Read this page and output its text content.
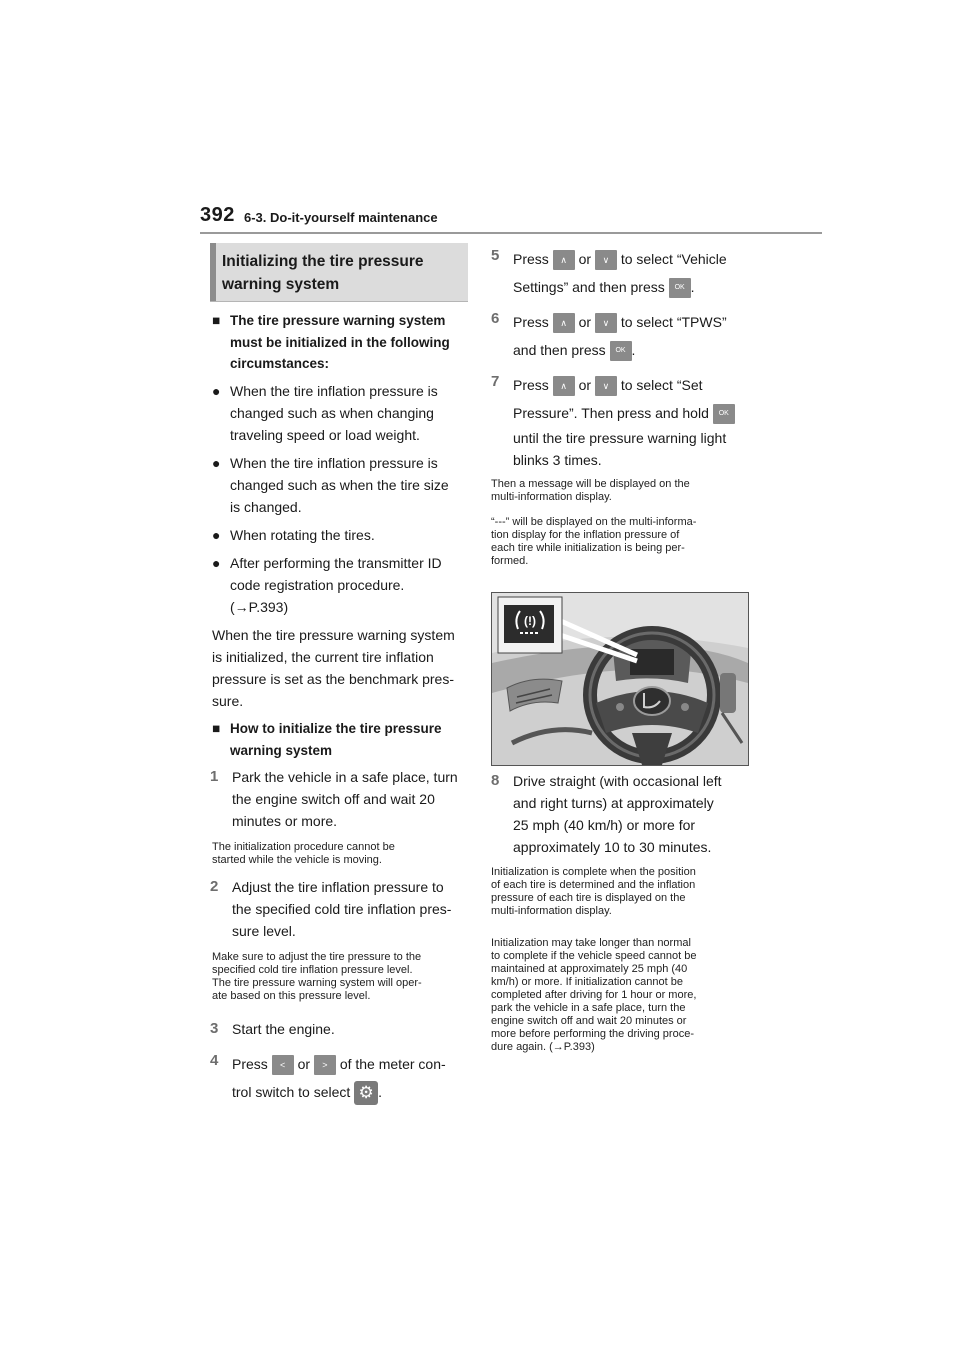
392 6-3. Do-it-yourself maintenance
Initializing the tire pressure warning system
■ The tire pressure warning system
must be initialized in the following
circumstances:
● When the tire inflation pressure is
changed such as when changing
traveling speed or load weight.
● When the tire inflation pressure is
changed such as when the tire size
is changed.
● When rotating the tires.
● After performing the transmitter ID
code registration procedure.
(→P.393)
When the tire pressure warning system
is initialized, the current tire inflation
pressure is set as the benchmark pres-
sure.
■ How to initialize the tire pressure
warning system
1 Park the vehicle in a safe place, turn
the engine switch off and wait 20
minutes or more.
The initialization procedure cannot be
started while the vehicle is moving.
2 Adjust the tire inflation pressure to
the specified cold tire inflation pres-
sure level.
Make sure to adjust the tire pressure to the
specified cold tire inflation pressure level.
The tire pressure warning system will oper-
ate based on this pressure level.
3 Start the engine.
4 Press < or > of the meter con-
trol switch to select ⚙ .
5 Press ∧ or ∨ to select “Vehicle
Settings” and then press OK .
6 Press ∧ or ∨ to select “TPWS”
and then press OK .
7 Press ∧ or ∨ to select “Set
Pressure”. Then press and hold OK
until the tire pressure warning light
blinks 3 times.
Then a message will be displayed on the
multi-information display.
“---” will be displayed on the multi-informa-
tion display for the inflation pressure of
each tire while initialization is being per-
formed.
(!)
8 Drive straight (with occasional left
and right turns) at approximately
25 mph (40 km/h) or more for
approximately 10 to 30 minutes.
Initialization is complete when the position
of each tire is determined and the inflation
pressure of each tire is displayed on the
multi-information display.
Initialization may take longer than normal
to complete if the vehicle speed cannot be
maintained at approximately 25 mph (40
km/h) or more. If initialization cannot be
completed after driving for 1 hour or more,
park the vehicle in a safe place, turn the
engine switch off and wait 20 minutes or
more before performing the driving proce-
dure again. (→P.393)
